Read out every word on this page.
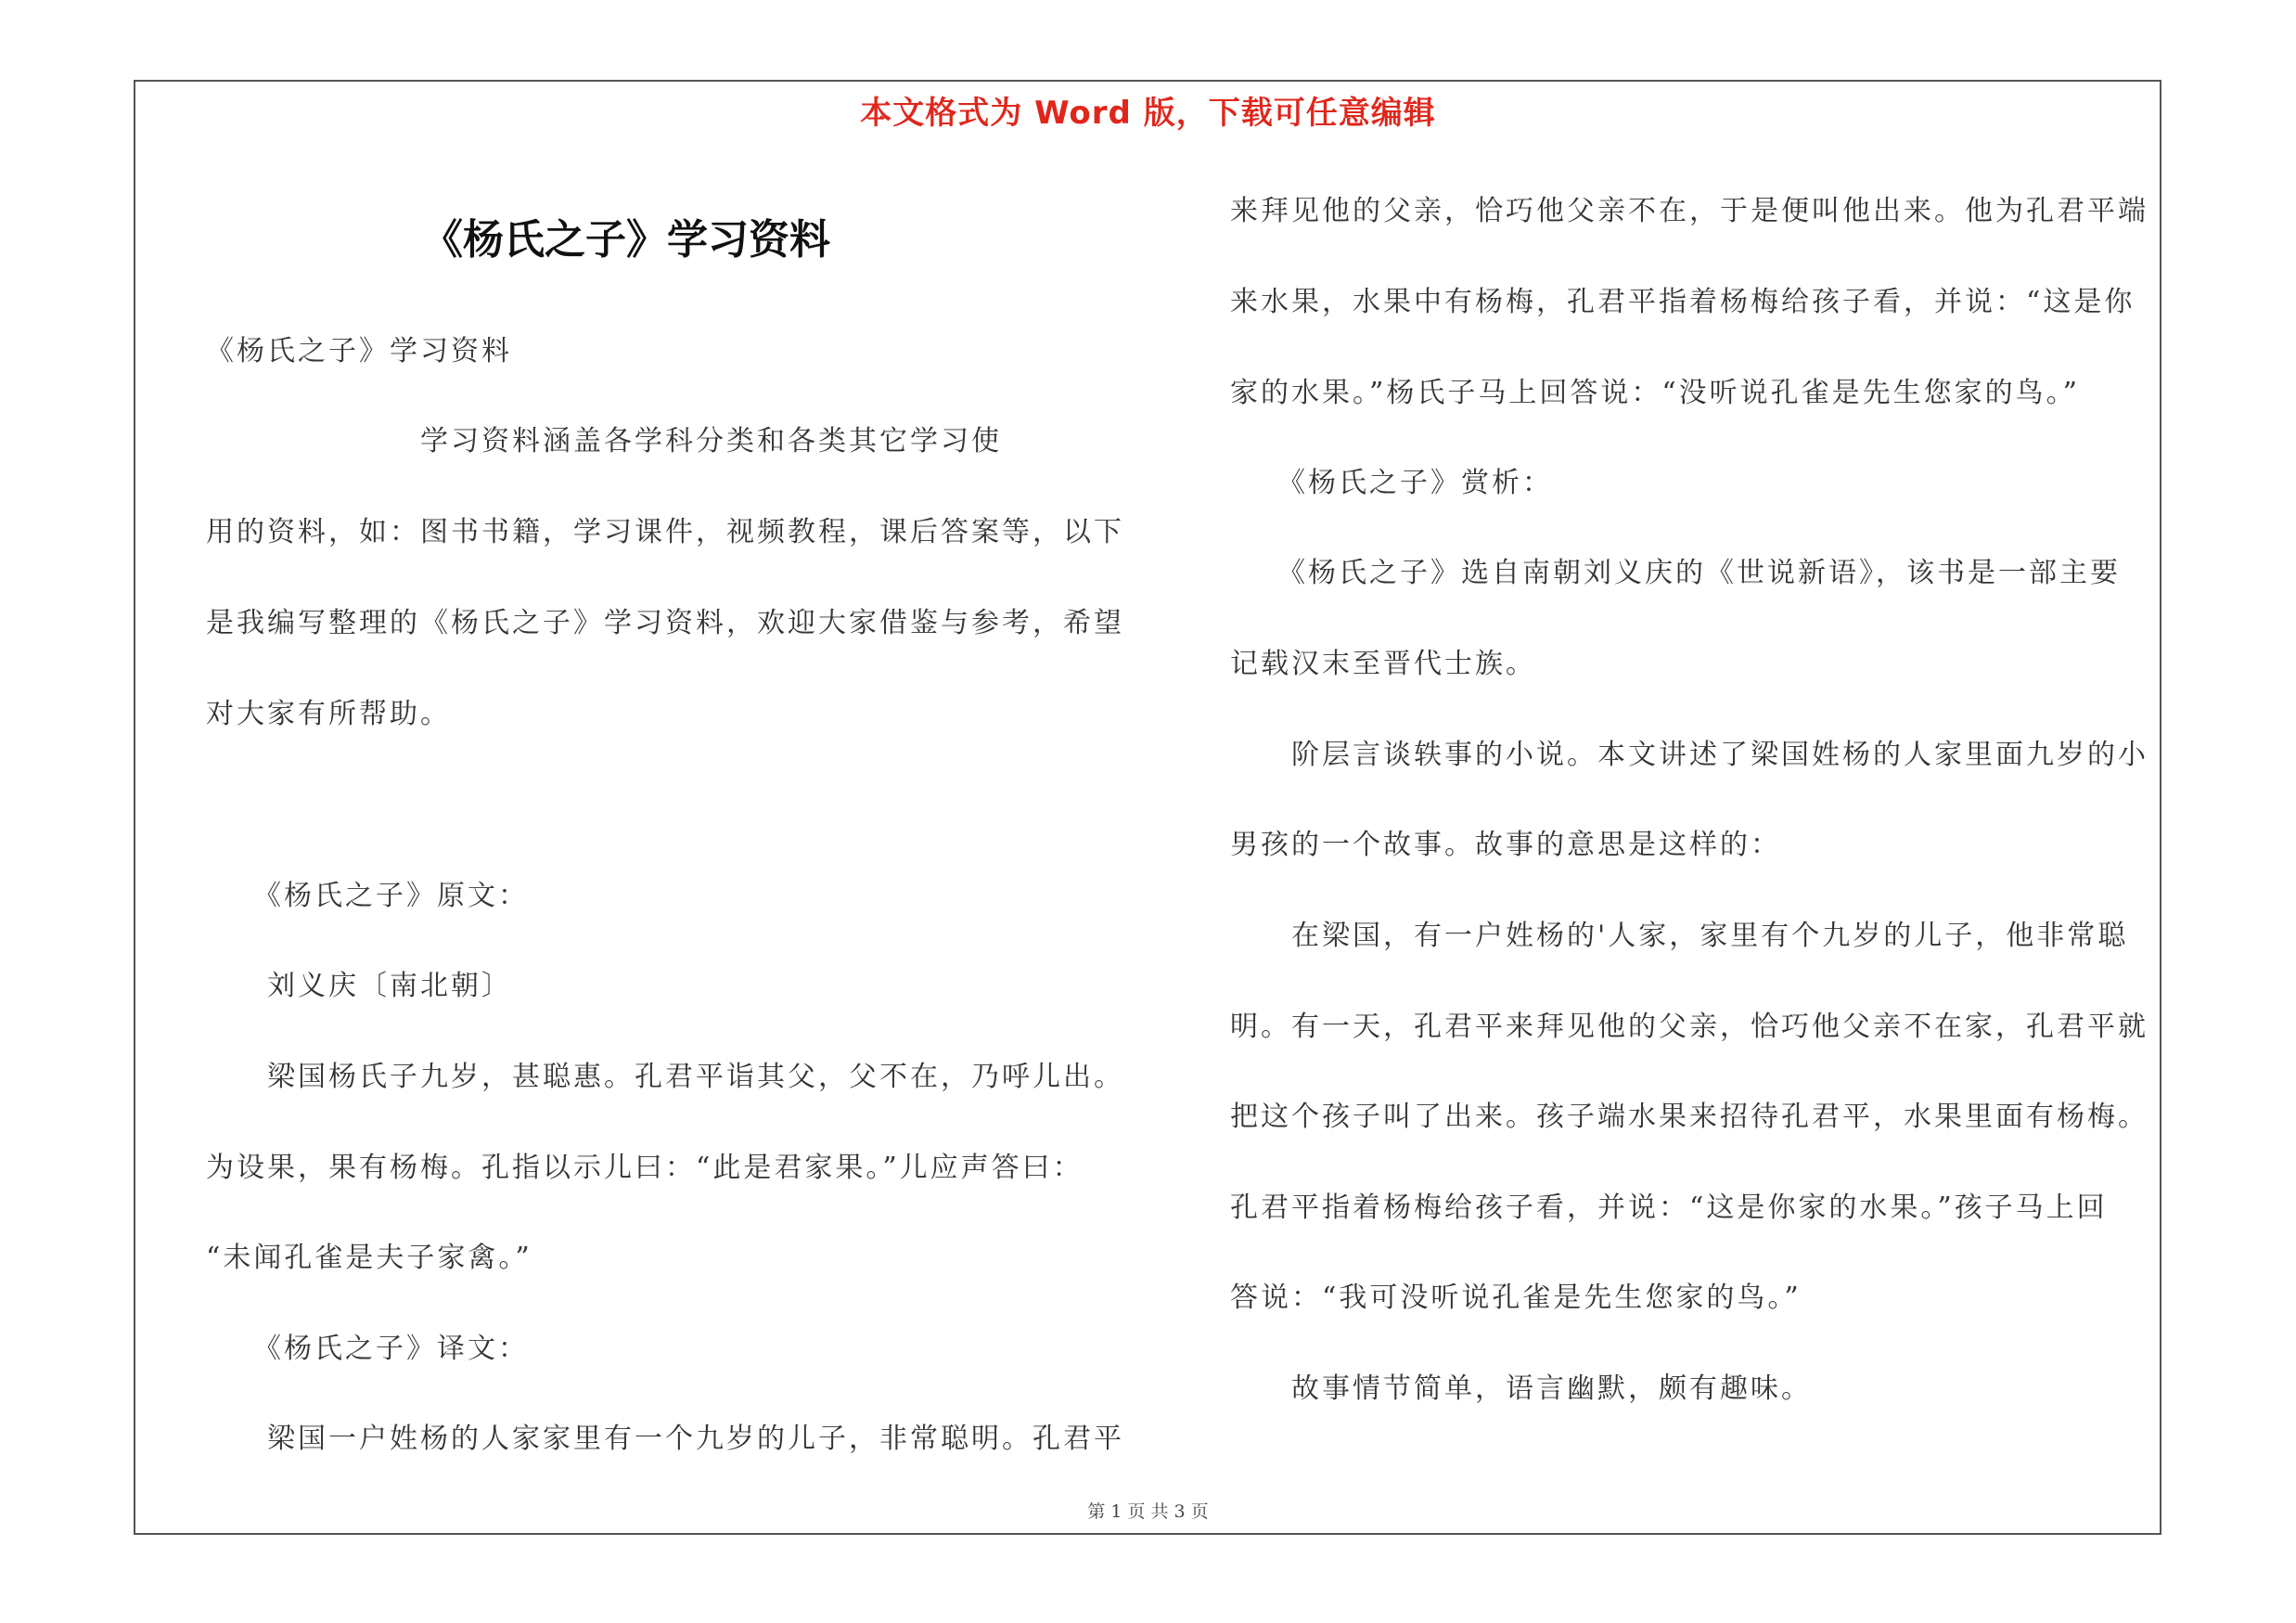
本文格式为 Word 版，下载可任意编辑
《杨氏之子》学习资料
《杨氏之子》学习资料
　　　　　　　学习资料涵盖各学科分类和各类其它学习使
用的资料，如：图书书籍，学习课件，视频教程，课后答案等，以下
是我编写整理的《杨氏之子》学习资料，欢迎大家借鉴与参考，希望
对大家有所帮助。
　　《杨氏之子》原文：
　　刘义庆〔南北朝〕
　　梁国杨氏子九岁，甚聪惠。孔君平诣其父，父不在，乃呼儿出。
为设果，果有杨梅。孔指以示儿曰：“此是君家果。”儿应声答曰：
“未闻孔雀是夫子家禽。”
　　《杨氏之子》译文：
　　梁国一户姓杨的人家家里有一个九岁的儿子，非常聪明。孔君平
来拜见他的父亲，恰巧他父亲不在，于是便叫他出来。他为孔君平端
来水果，水果中有杨梅，孔君平指着杨梅给孩子看，并说：“这是你
家的水果。”杨氏子马上回答说：“没听说孔雀是先生您家的鸟。”
　　《杨氏之子》赏析：
　　《杨氏之子》选自南朝刘义庆的《世说新语》，该书是一部主要
记载汉末至晋代士族。
　　阶层言谈轶事的小说。本文讲述了梁国姓杨的人家里面九岁的小
男孩的一个故事。故事的意思是这样的：
　　在梁国，有一户姓杨的'人家，家里有个九岁的儿子，他非常聪
明。有一天，孔君平来拜见他的父亲，恰巧他父亲不在家，孔君平就
把这个孩子叫了出来。孩子端水果来招待孔君平，水果里面有杨梅。
孔君平指着杨梅给孩子看，并说：“这是你家的水果。”孩子马上回
答说：“我可没听说孔雀是先生您家的鸟。”
　　故事情节简单，语言幽默，颇有趣味。
第 1 页 共 3 页
